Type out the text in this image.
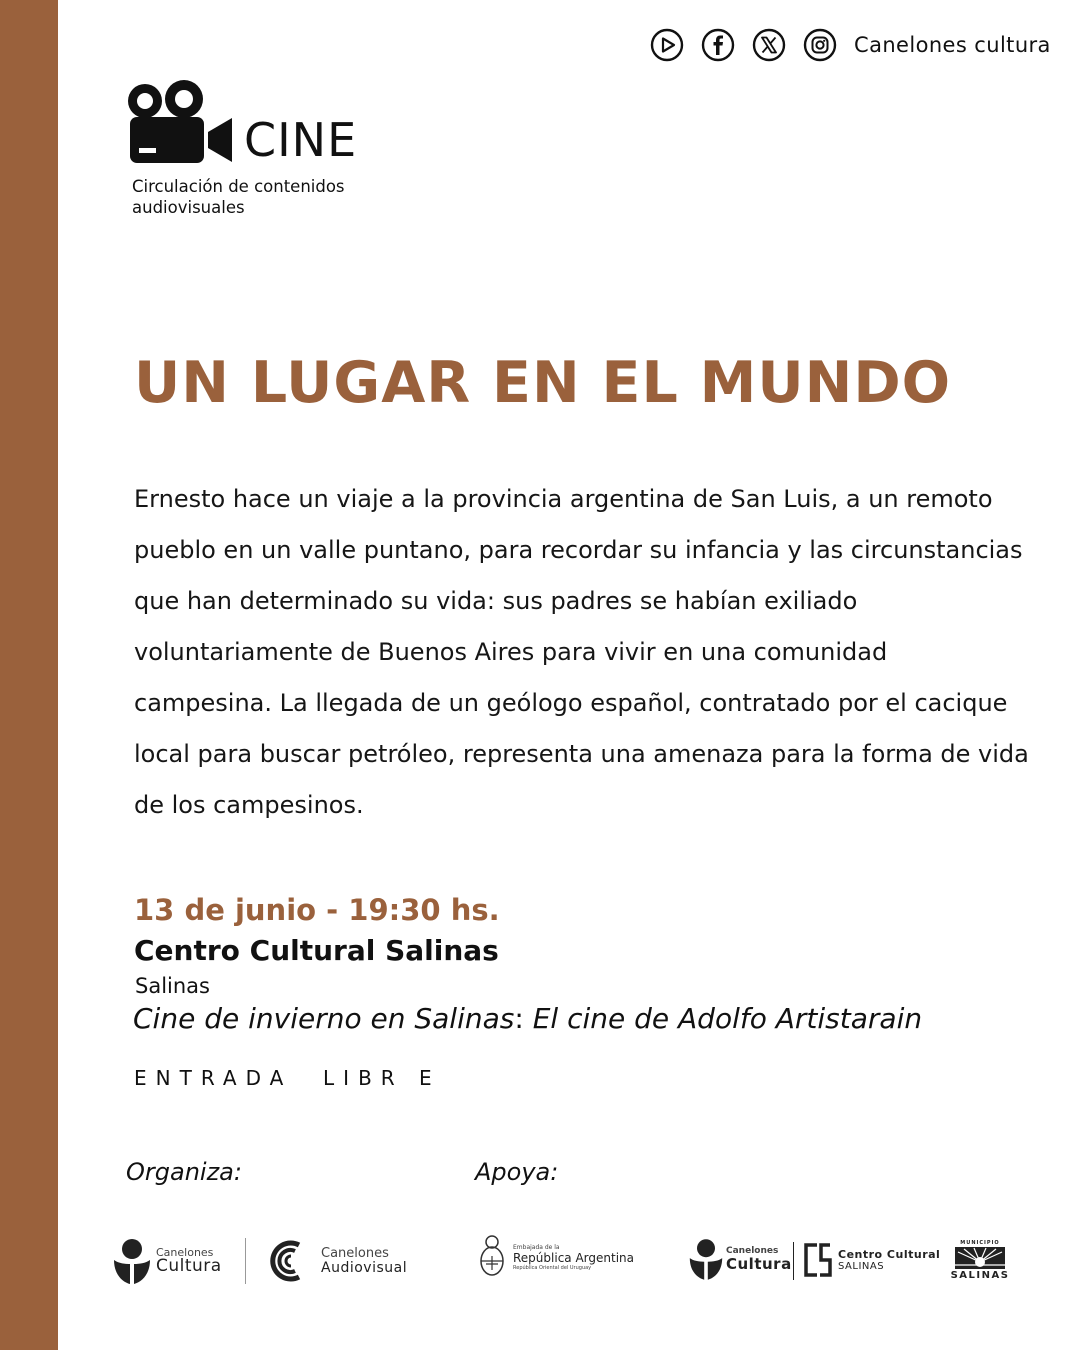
Canelones cultura
CINE
Circulación de contenidos
audiovisuales
UN LUGAR EN EL MUNDO

Ernesto hace un viaje a la provincia argentina de San Luis, a un remoto pueblo en un valle puntano, para recordar su infancia y las circunstancias que han determinado su vida: sus padres se habían exiliado voluntariamente de Buenos Aires para vivir en una comunidad campesina. La llegada de un geólogo español, contratado por el cacique local para buscar petróleo, representa una amenaza para la forma de vida de los campesinos.

13 de junio - 19:30 hs.
Centro Cultural Salinas
Salinas
Cine de invierno en Salinas: El cine de Adolfo Artistarain
ENTRADA  LIBR E
Organiza:	Apoya:
Canelones
Cultura
Canelones
Audiovisual
Embajada de la
República Argentina
República Oriental del Uruguay
Canelones
Cultura
Centro Cultural
SALINAS
MUNICIPIO
SALINAS
